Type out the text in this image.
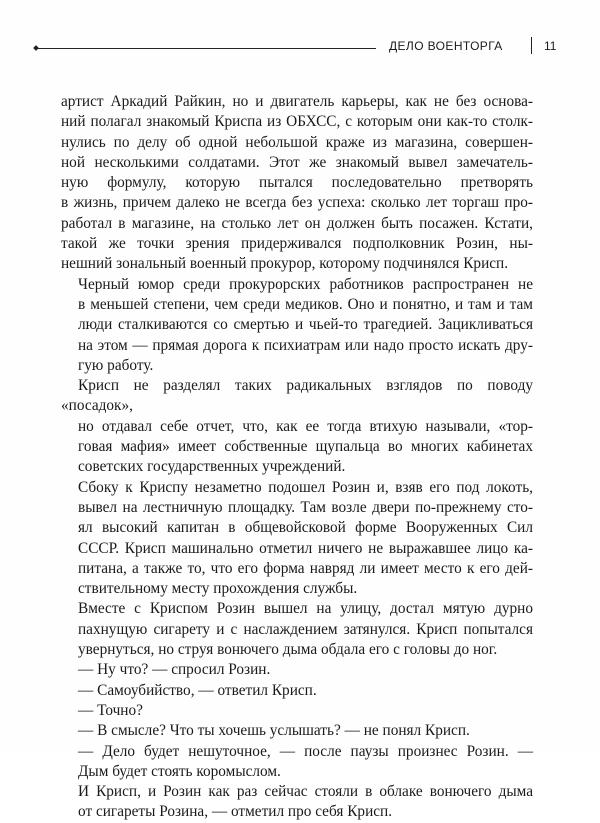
ДЕЛО ВОЕНТОРГА	11

артист Аркадий Райкин, но и двигатель карьеры, как не без основа-
ний полагал знакомый Криспа из ОБХСС, с которым они как-то столк-
нулись по делу об одной небольшой краже из магазина, совершен-
ной несколькими солдатами. Этот же знакомый вывел замечатель-
ную формулу, которую пытался последовательно претворять
в жизнь, причем далеко не всегда без успеха: сколько лет торгаш про-
работал в магазине, на столько лет он должен быть посажен. Кстати,
такой же точки зрения придерживался подполковник Розин, ны-
нешний зональный военный прокурор, которому подчинялся Крисп.

Черный юмор среди прокурорских работников распространен не
в меньшей степени, чем среди медиков. Оно и понятно, и там и там
люди сталкиваются со смертью и чьей-то трагедией. Зацикливаться
на этом — прямая дорога к психиатрам или надо просто искать дру-
гую работу.

Крисп не разделял таких радикальных взглядов по поводу «посадок»,
но отдавал себе отчет, что, как ее тогда втихую называли, «тор-
говая мафия» имеет собственные щупальца во многих кабинетах
советских государственных учреждений.

Сбоку к Криспу незаметно подошел Розин и, взяв его под локоть,
вывел на лестничную площадку. Там возле двери по-прежнему сто-
ял высокий капитан в общевойсковой форме Вооруженных Сил
СССР. Крисп машинально отметил ничего не выражавшее лицо ка-
питана, а также то, что его форма навряд ли имеет место к его дей-
ствительному месту прохождения службы.

Вместе с Криспом Розин вышел на улицу, достал мятую дурно
пахнущую сигарету и с наслаждением затянулся. Крисп попытался
увернуться, но струя вонючего дыма обдала его с головы до ног.

— Ну что? — спросил Розин.

— Самоубийство, — ответил Крисп.

— Точно?

— В смысле? Что ты хочешь услышать? — не понял Крисп.

— Дело будет нешуточное, — после паузы произнес Розин. —
Дым будет стоять коромыслом.

И Крисп, и Розин как раз сейчас стояли в облаке вонючего дыма
от сигареты Розина, — отметил про себя Крисп.
